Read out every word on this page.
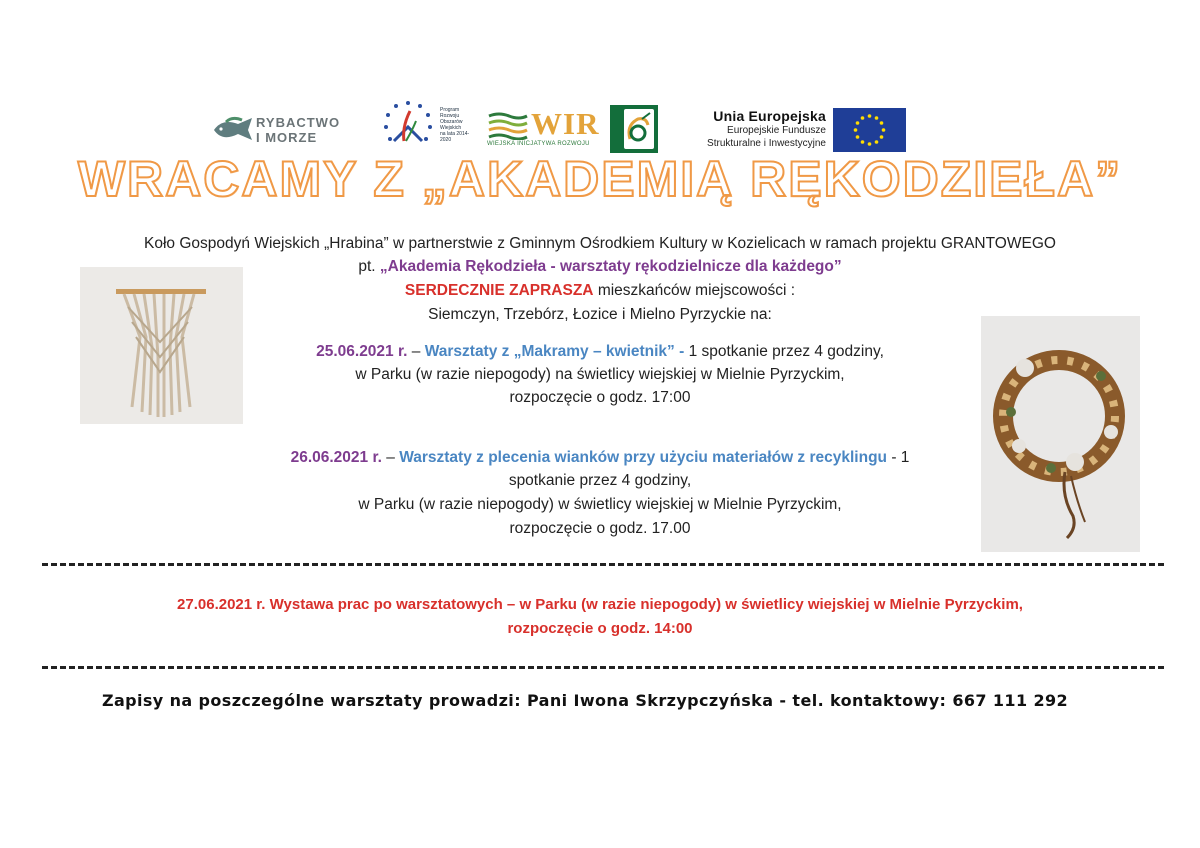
RYBACTWO
I MORZE
Program
Rozwoju
Obszarów
Wiejskich
na lata 2014-2020	WIR
WIEJSKA INICJATYWA ROZWOJU
Unia Europejska
Europejskie Fundusze
Strukturalne i Inwestycyjne
WRACAMY Z „AKADEMIĄ RĘKODZIEŁA”
Koło Gospodyń Wiejskich „Hrabina” w partnerstwie z Gminnym Ośrodkiem Kultury w Kozielicach w ramach projektu GRANTOWEGO
pt. „Akademia Rękodzieła - warsztaty rękodzielnicze dla każdego”
SERDECZNIE ZAPRASZA mieszkańców miejscowości :
Siemczyn, Trzebórz, Łozice i Mielno Pyrzyckie na:
25.06.2021 r. – Warsztaty z „Makramy – kwietnik” - 1 spotkanie przez 4 godziny,
w Parku (w razie niepogody) na świetlicy wiejskiej w Mielnie Pyrzyckim,
rozpoczęcie o godz. 17:00
26.06.2021 r. – Warsztaty z plecenia wianków przy użyciu materiałów z recyklingu - 1
spotkanie przez 4 godziny,
w Parku (w razie niepogody) w świetlicy wiejskiej w Mielnie Pyrzyckim,
rozpoczęcie o godz. 17.00
27.06.2021 r. Wystawa prac po warsztatowych – w Parku (w razie niepogody) w świetlicy wiejskiej w Mielnie Pyrzyckim,
rozpoczęcie o godz. 14:00
Zapisy na poszczególne warsztaty prowadzi: Pani Iwona Skrzypczyńska - tel. kontaktowy: 667 111 292
